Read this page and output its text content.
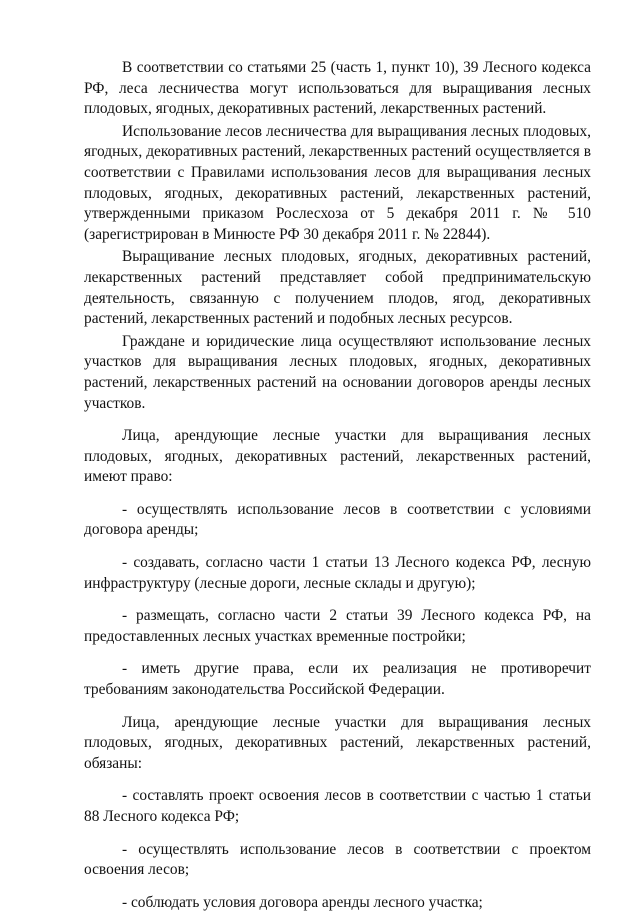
В соответствии со статьями 25 (часть 1, пункт 10), 39 Лесного кодекса РФ, леса лесничества могут использоваться для выращивания лесных плодовых, ягодных, декоративных растений, лекарственных растений.

Использование лесов лесничества для выращивания лесных плодовых, ягодных, декоративных растений, лекарственных растений осуществляется в соответствии с Правилами использования лесов для выращивания лесных плодовых, ягодных, декоративных растений, лекарственных растений, утвержденными приказом Рослесхоза от 5 декабря 2011 г. № 510 (зарегистрирован в Минюсте РФ 30 декабря 2011 г. № 22844).

Выращивание лесных плодовых, ягодных, декоративных растений, лекарственных растений представляет собой предпринимательскую деятельность, связанную с получением плодов, ягод, декоративных растений, лекарственных растений и подобных лесных ресурсов.

Граждане и юридические лица осуществляют использование лесных участков для выращивания лесных плодовых, ягодных, декоративных растений, лекарственных растений на основании договоров аренды лесных участков.

Лица, арендующие лесные участки для выращивания лесных плодовых, ягодных, декоративных растений, лекарственных растений, имеют право:

- осуществлять использование лесов в соответствии с условиями договора аренды;

- создавать, согласно части 1 статьи 13 Лесного кодекса РФ, лесную инфраструктуру (лесные дороги, лесные склады и другую);

- размещать, согласно части 2 статьи 39 Лесного кодекса РФ, на предоставленных лесных участках временные постройки;

- иметь другие права, если их реализация не противоречит требованиям законодательства Российской Федерации.

Лица, арендующие лесные участки для выращивания лесных плодовых, ягодных, декоративных растений, лекарственных растений, обязаны:

- составлять проект освоения лесов в соответствии с частью 1 статьи 88 Лесного кодекса РФ;

- осуществлять использование лесов в соответствии с проектом освоения лесов;

- соблюдать условия договора аренды лесного участка;
